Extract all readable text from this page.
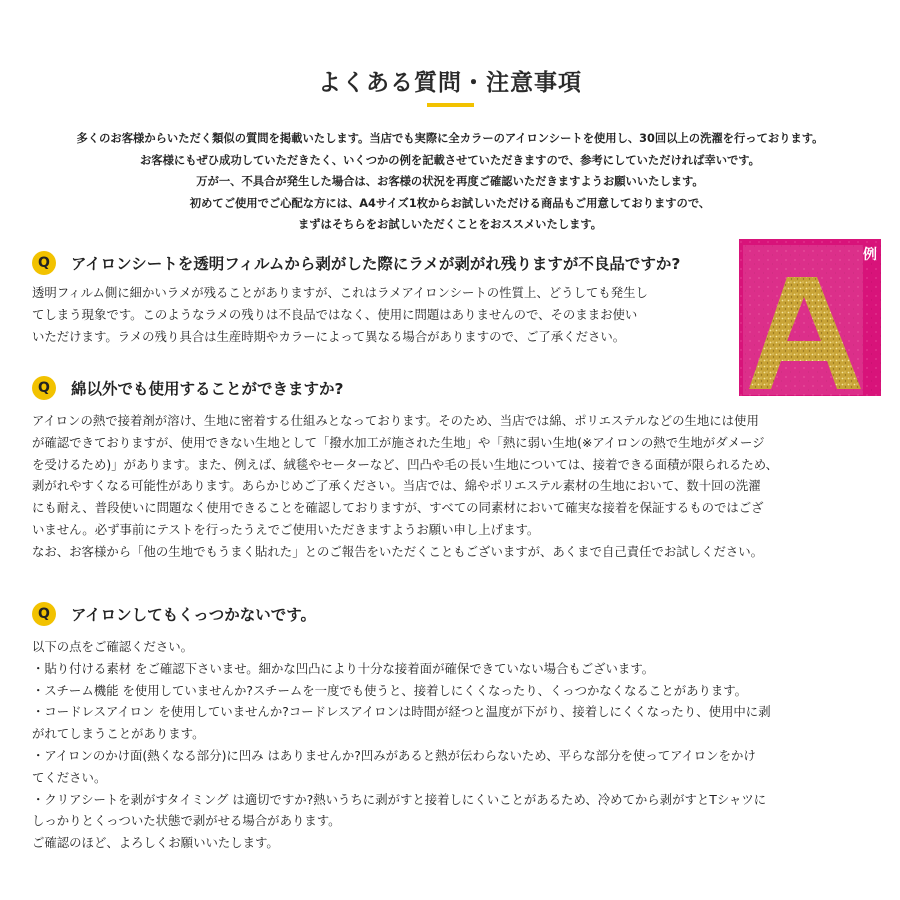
よくある質問・注意事項
多くのお客様からいただく類似の質問を掲載いたします。当店でも実際に全カラーのアイロンシートを使用し、30回以上の洗濯を行っております。
お客様にもぜひ成功していただきたく、いくつかの例を記載させていただきますので、参考にしていただければ幸いです。
万が一、不具合が発生した場合は、お客様の状況を再度ご確認いただきますようお願いいたします。
初めてご使用でご心配な方には、A4サイズ1枚からお試しいただける商品もご用意しておりますので、
まずはそちらをお試しいただくことをおススメいたします。
Q	アイロンシートを透明フィルムから剥がした際にラメが剥がれ残りますが不良品ですか?
透明フィルム側に細かいラメが残ることがありますが、これはラメアイロンシートの性質上、どうしても発生し
てしまう現象です。このようなラメの残りは不良品ではなく、使用に問題はありませんので、そのままお使い
いただけます。ラメの残り具合は生産時期やカラーによって異なる場合がありますので、ご了承ください。
例
Q	綿以外でも使用することができますか?
アイロンの熱で接着剤が溶け、生地に密着する仕組みとなっております。そのため、当店では綿、ポリエステルなどの生地には使用
が確認できておりますが、使用できない生地として「撥水加工が施された生地」や「熱に弱い生地(※アイロンの熱で生地がダメージ
を受けるため)」があります。また、例えば、絨毯やセーターなど、凹凸や毛の長い生地については、接着できる面積が限られるため、
剥がれやすくなる可能性があります。あらかじめご了承ください。当店では、綿やポリエステル素材の生地において、数十回の洗濯
にも耐え、普段使いに問題なく使用できることを確認しておりますが、すべての同素材において確実な接着を保証するものではござ
いません。必ず事前にテストを行ったうえでご使用いただきますようお願い申し上げます。
なお、お客様から「他の生地でもうまく貼れた」とのご報告をいただくこともございますが、あくまで自己責任でお試しください。
Q	アイロンしてもくっつかないです。
以下の点をご確認ください。
・貼り付ける素材 をご確認下さいませ。細かな凹凸により十分な接着面が確保できていない場合もございます。
・スチーム機能 を使用していませんか?スチームを一度でも使うと、接着しにくくなったり、くっつかなくなることがあります。
・コードレスアイロン を使用していませんか?コードレスアイロンは時間が経つと温度が下がり、接着しにくくなったり、使用中に剥
がれてしまうことがあります。
・アイロンのかけ面(熱くなる部分)に凹み はありませんか?凹みがあると熱が伝わらないため、平らな部分を使ってアイロンをかけ
てください。
・クリアシートを剥がすタイミング は適切ですか?熱いうちに剥がすと接着しにくいことがあるため、冷めてから剥がすとTシャツに
しっかりとくっついた状態で剥がせる場合があります。
ご確認のほど、よろしくお願いいたします。
